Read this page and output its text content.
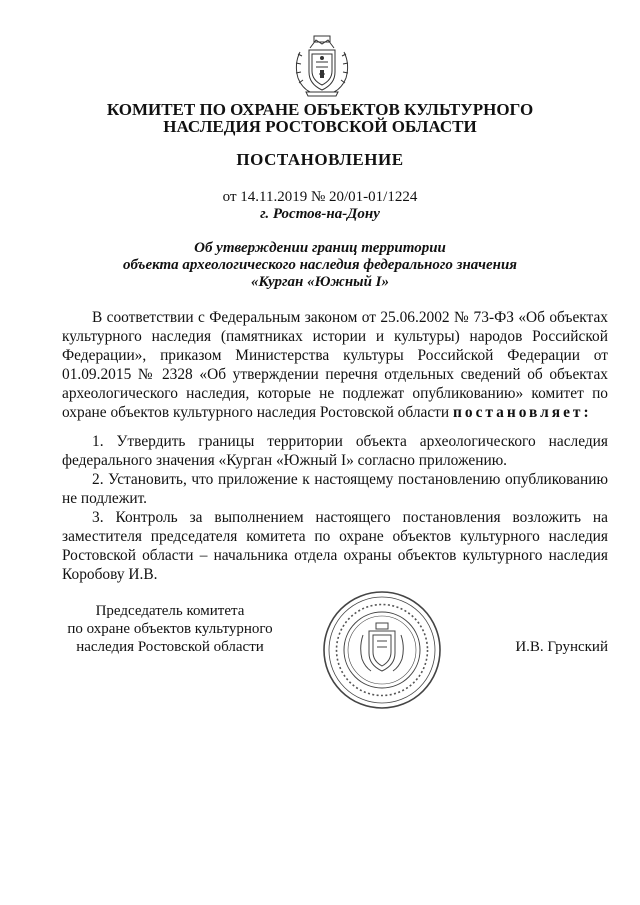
КОМИТЕТ ПО ОХРАНЕ ОБЪЕКТОВ КУЛЬТУРНОГО
НАСЛЕДИЯ РОСТОВСКОЙ ОБЛАСТИ
ПОСТАНОВЛЕНИЕ
от 14.11.2019 № 20/01-01/1224
г. Ростов-на-Дону
Об утверждении границ территории
объекта археологического наследия федерального значения
«Курган «Южный I»

В соответствии с Федеральным законом от 25.06.2002 № 73-ФЗ «Об объектах культурного наследия (памятниках истории и культуры) народов Российской Федерации», приказом Министерства культуры Российской Федерации от 01.09.2015 № 2328 «Об утверждении перечня отдельных сведений об объектах археологического наследия, которые не подлежат опубликованию» комитет по охране объектов культурного наследия Ростовской области постановляет:

1. Утвердить границы территории объекта археологического наследия федерального значения «Курган «Южный I» согласно приложению.

2. Установить, что приложение к настоящему постановлению опубликованию не подлежит.

3. Контроль за выполнением настоящего постановления возложить на заместителя председателя комитета по охране объектов культурного наследия Ростовской области – начальника отдела охраны объектов культурного наследия Коробову И.В.

Председатель комитета
по охране объектов культурного
наследия Ростовской области	И.В. Грунский
